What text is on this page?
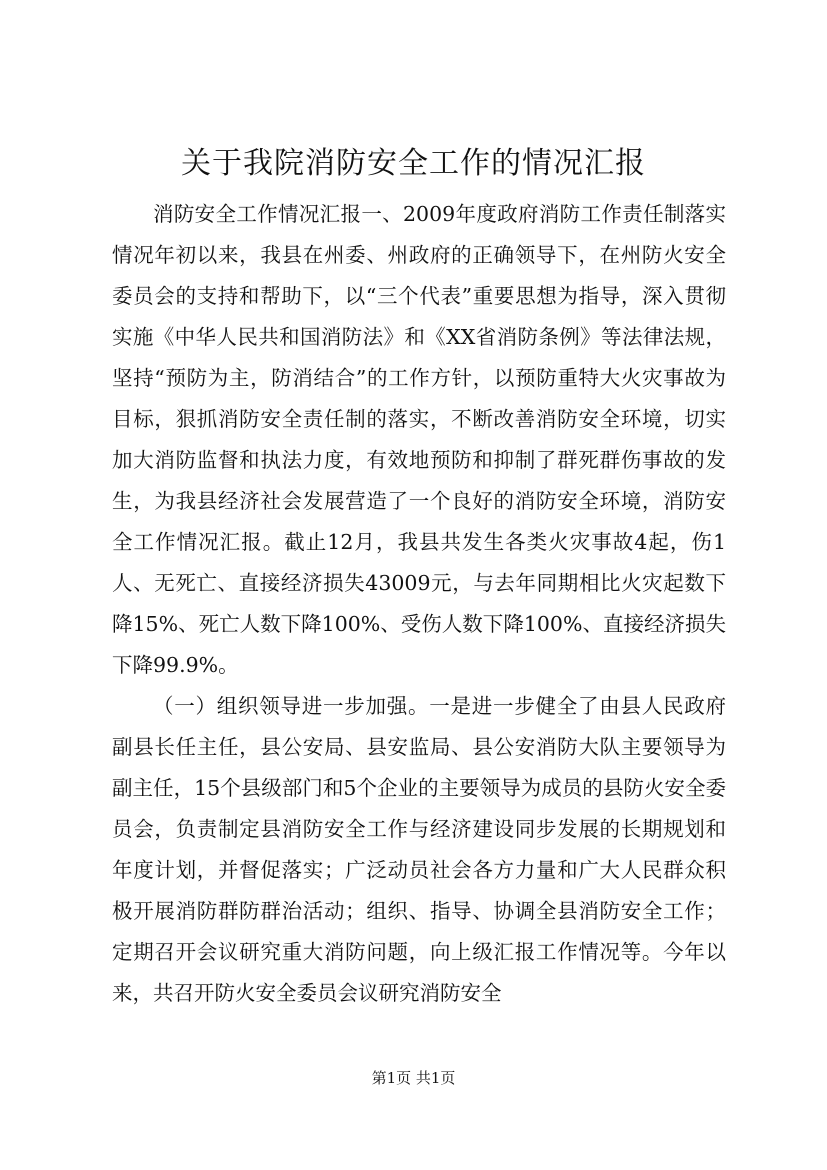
关于我院消防安全工作的情况汇报

消防安全工作情况汇报一、2009年度政府消防工作责任制落实情况年初以来，我县在州委、州政府的正确领导下，在州防火安全委员会的支持和帮助下，以“三个代表”重要思想为指导，深入贯彻实施《中华人民共和国消防法》和《XX省消防条例》等法律法规，坚持“预防为主，防消结合”的工作方针，以预防重特大火灾事故为目标，狠抓消防安全责任制的落实，不断改善消防安全环境，切实加大消防监督和执法力度，有效地预防和抑制了群死群伤事故的发生，为我县经济社会发展营造了一个良好的消防安全环境，消防安全工作情况汇报。截止12月，我县共发生各类火灾事故4起，伤1人、无死亡、直接经济损失43009元，与去年同期相比火灾起数下降15%、死亡人数下降100%、受伤人数下降100%、直接经济损失下降99.9%。

（一）组织领导进一步加强。一是进一步健全了由县人民政府副县长任主任，县公安局、县安监局、县公安消防大队主要领导为副主任，15个县级部门和5个企业的主要领导为成员的县防火安全委员会，负责制定县消防安全工作与经济建设同步发展的长期规划和年度计划，并督促落实；广泛动员社会各方力量和广大人民群众积极开展消防群防群治活动；组织、指导、协调全县消防安全工作；定期召开会议研究重大消防问题，向上级汇报工作情况等。今年以来，共召开防火安全委员会议研究消防安全

第1页 共1页
